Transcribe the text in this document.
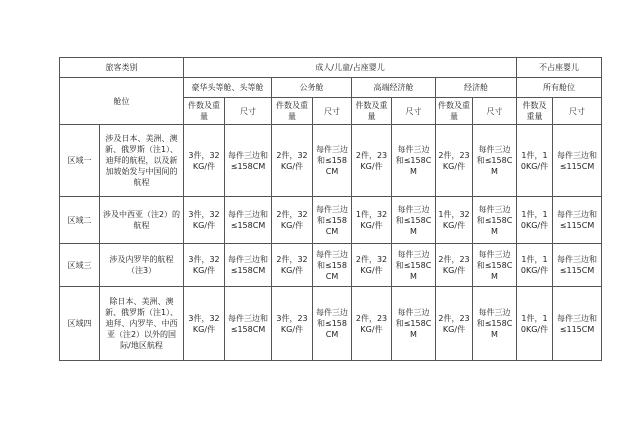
旅客类别		成人/儿童/占座婴儿								不占座婴儿	
舱位		豪华头等舱、头等舱		公务舱		高端经济舱		经济舱		所有舱位	
		件数及重量	尺寸	件数及重量	尺寸	件数及重量	尺寸	件数及重量	尺寸	件数及重量	尺寸
区域一	涉及日本、美洲、澳新、俄罗斯（注1）、迪拜的航程，以及新加坡始发与中国间的航程	3件，32KG/件	每件三边和≤158CM	2件，32KG/件	每件三边和≤158CM	2件，23KG/件	每件三边和≤158CM	2件，23KG/件	每件三边和≤158CM	1件，10KG/件	每件三边和≤115CM
区域二	涉及中西亚（注2）的航程	3件，32KG/件	每件三边和≤158CM	2件，32KG/件	每件三边和≤158CM	1件，32KG/件	每件三边和≤158CM	1件，32KG/件	每件三边和≤158CM	1件，10KG/件	每件三边和≤115CM
区域三	涉及内罗毕的航程（注3）	3件，32KG/件	每件三边和≤158CM	2件，32KG/件	每件三边和≤158CM	2件，32KG/件	每件三边和≤158CM	2件，23KG/件	每件三边和≤158CM	1件，10KG/件	每件三边和≤115CM
区域四	除日本、美洲、澳新、俄罗斯（注1）、迪拜、内罗毕、中西亚（注2）以外的国际/地区航程	3件，32KG/件	每件三边和≤158CM	3件，23KG/件	每件三边和≤158CM	2件，23KG/件	每件三边和≤158CM	2件，23KG/件	每件三边和≤158CM	1件，10KG/件	每件三边和≤115CM
